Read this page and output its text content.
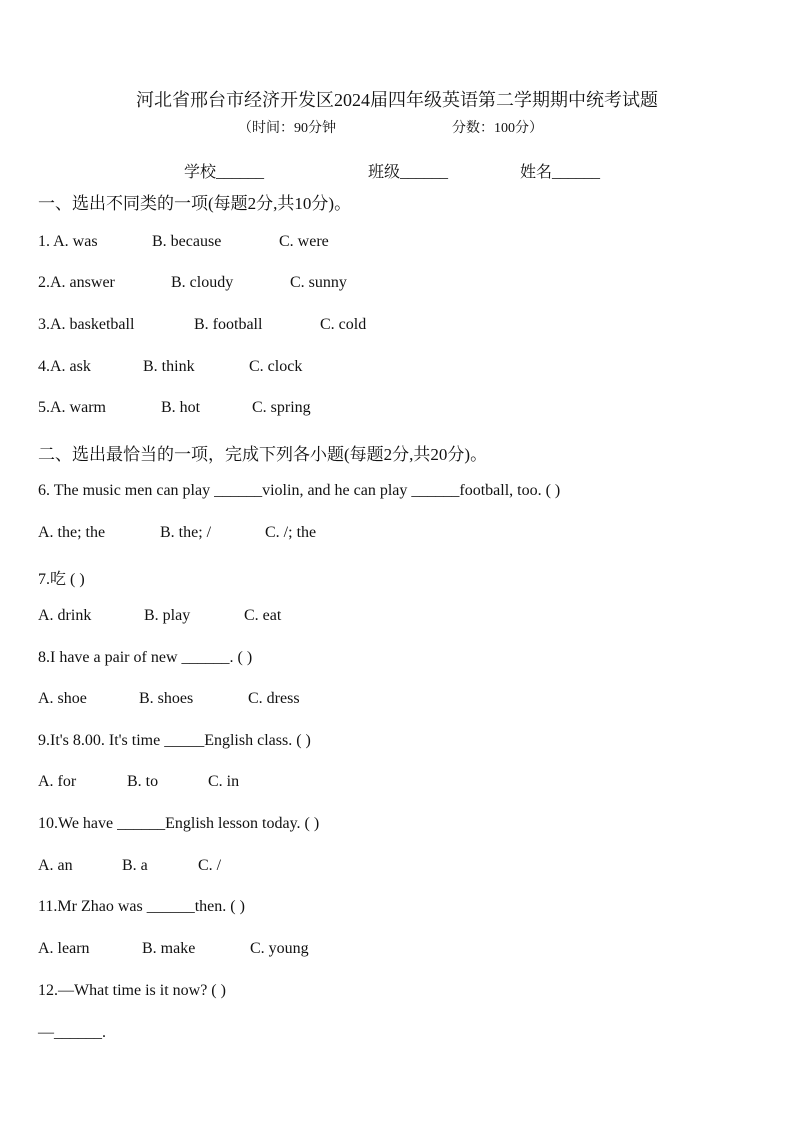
河北省邢台市经济开发区2024届四年级英语第二学期期中统考试题
（时间：90分钟	分数：100分）
学校______	班级______	姓名______
一、选出不同类的一项(每题2分,共10分)。
1. A. was	B. because	C. were
2.A. answer	B. cloudy	C. sunny
3.A. basketball	B. football	C. cold
4.A. ask	B. think	C. clock
5.A. warm	B. hot	C. spring
二、选出最恰当的一项，完成下列各小题(每题2分,共20分)。
6. The music men can play ______violin, and he can play ______football, too. ( )
A. the; the	B. the; /	C. /; the
7.吃 ( )
A. drink	B. play	C. eat
8.I have a pair of new ______. ( )
A. shoe	B. shoes	C. dress
9.It's 8.00. It's time _____English class. ( )
A. for	B. to	C. in
10.We have ______English lesson today. ( )
A. an	B. a	C. /
11.Mr Zhao was ______then. ( )
A. learn	B. make	C. young
12.—What time is it now? ( )
—______.
